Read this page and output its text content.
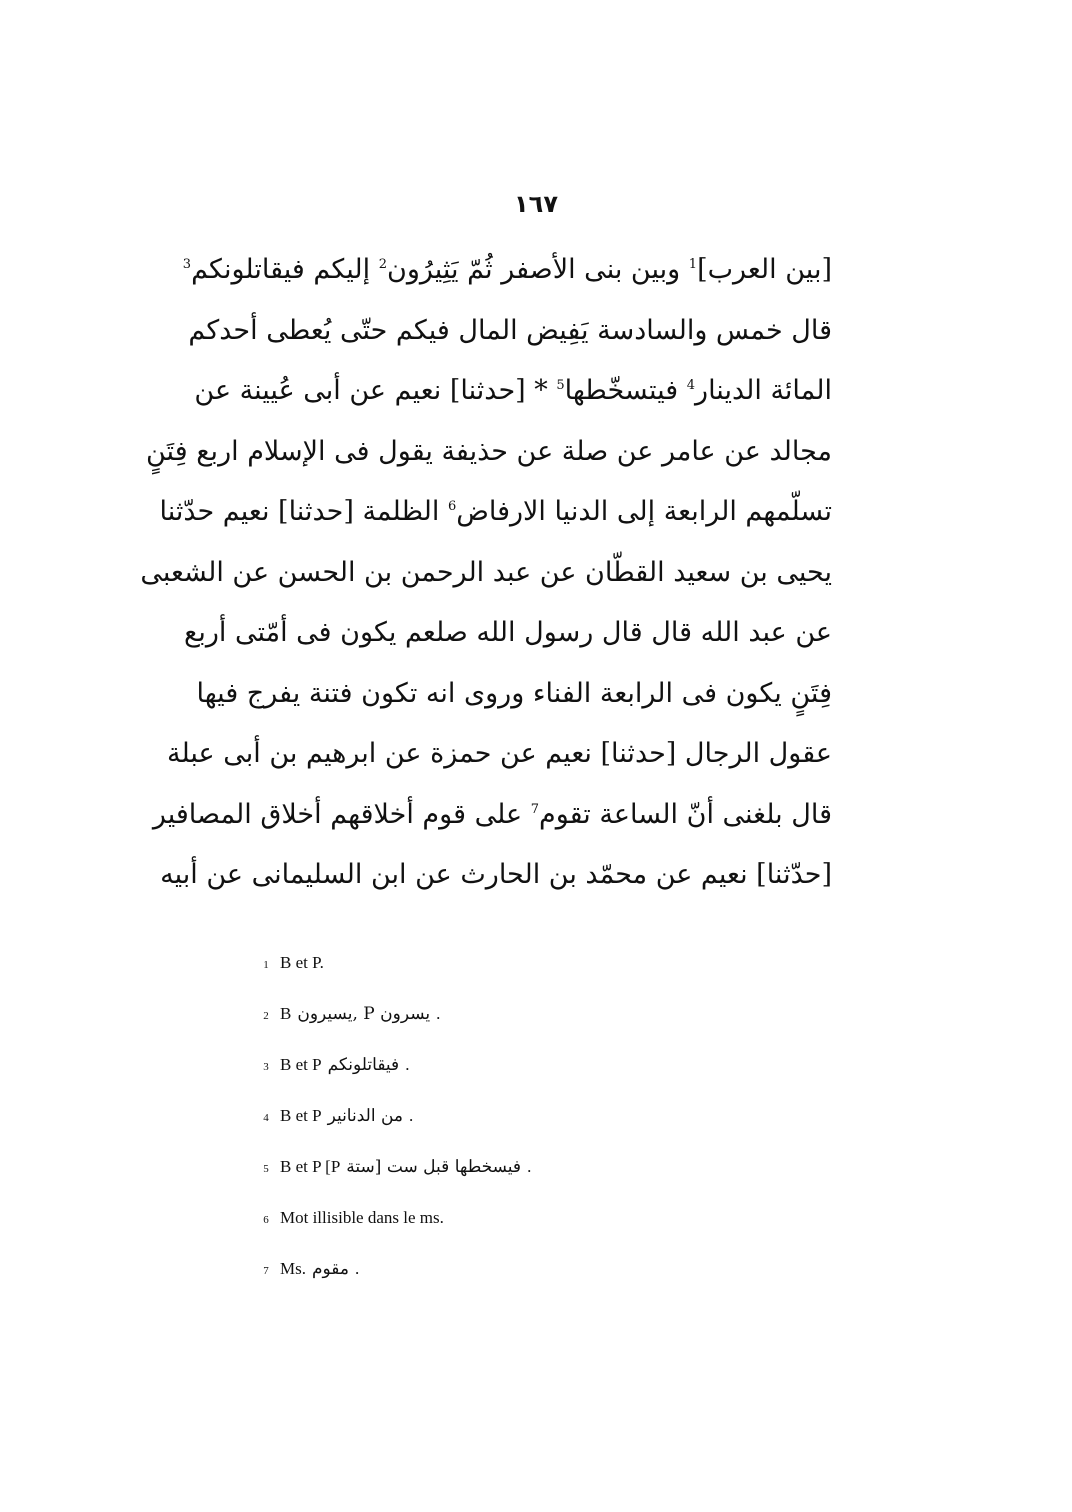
١٦٧
[بين العرب]$^1$ وبين بنى الأصفر ثُمّ يَثِيرُون$^2$ إليكم فيقاتلونكم$^3$
قال خمس والسادسة يَفِيض المال فيكم حتّى يُعطى أحدكم
المائة الدينار$^4$ فيتسخّطها$^5$ * [حدثنا] نعيم عن أبى عُيينة عن
مجالد عن عامر عن صلة عن حذيفة يقول فى الإسلام اربع فِتَنٍ
تسلّمهم الرابعة إلى الدنيا الارفاض$^6$ الظلمة [حدثنا] نعيم حدّثنا
يحيى بن سعيد القطّان عن عبد الرحمن بن الحسن عن الشعبى
عن عبد الله قال قال رسول الله صلعم يكون فى أمّتى أربع
فِتَنٍ يكون فى الرابعة الفناء وروى انه تكون فتنة يفرج فيها
عقول الرجال [حدثنا] نعيم عن حمزة عن ابرهيم بن أبى عبلة
قال بلغنى أنّ الساعة تقوم$^7$ على قوم أخلاقهم أخلاق المصافير
[حدّثنا] نعيم عن محمّد بن الحارث عن ابن السليمانى عن أبيه
1 B et P.
2 B يسرون P ,يسيرون .
3 B et P فيقاتلونكم .
4 B et P من الدنانير .
5 B et P [P فيسخطها قبل ست [ستة .
6 Mot illisible dans le ms.
7 Ms. مقوم .
